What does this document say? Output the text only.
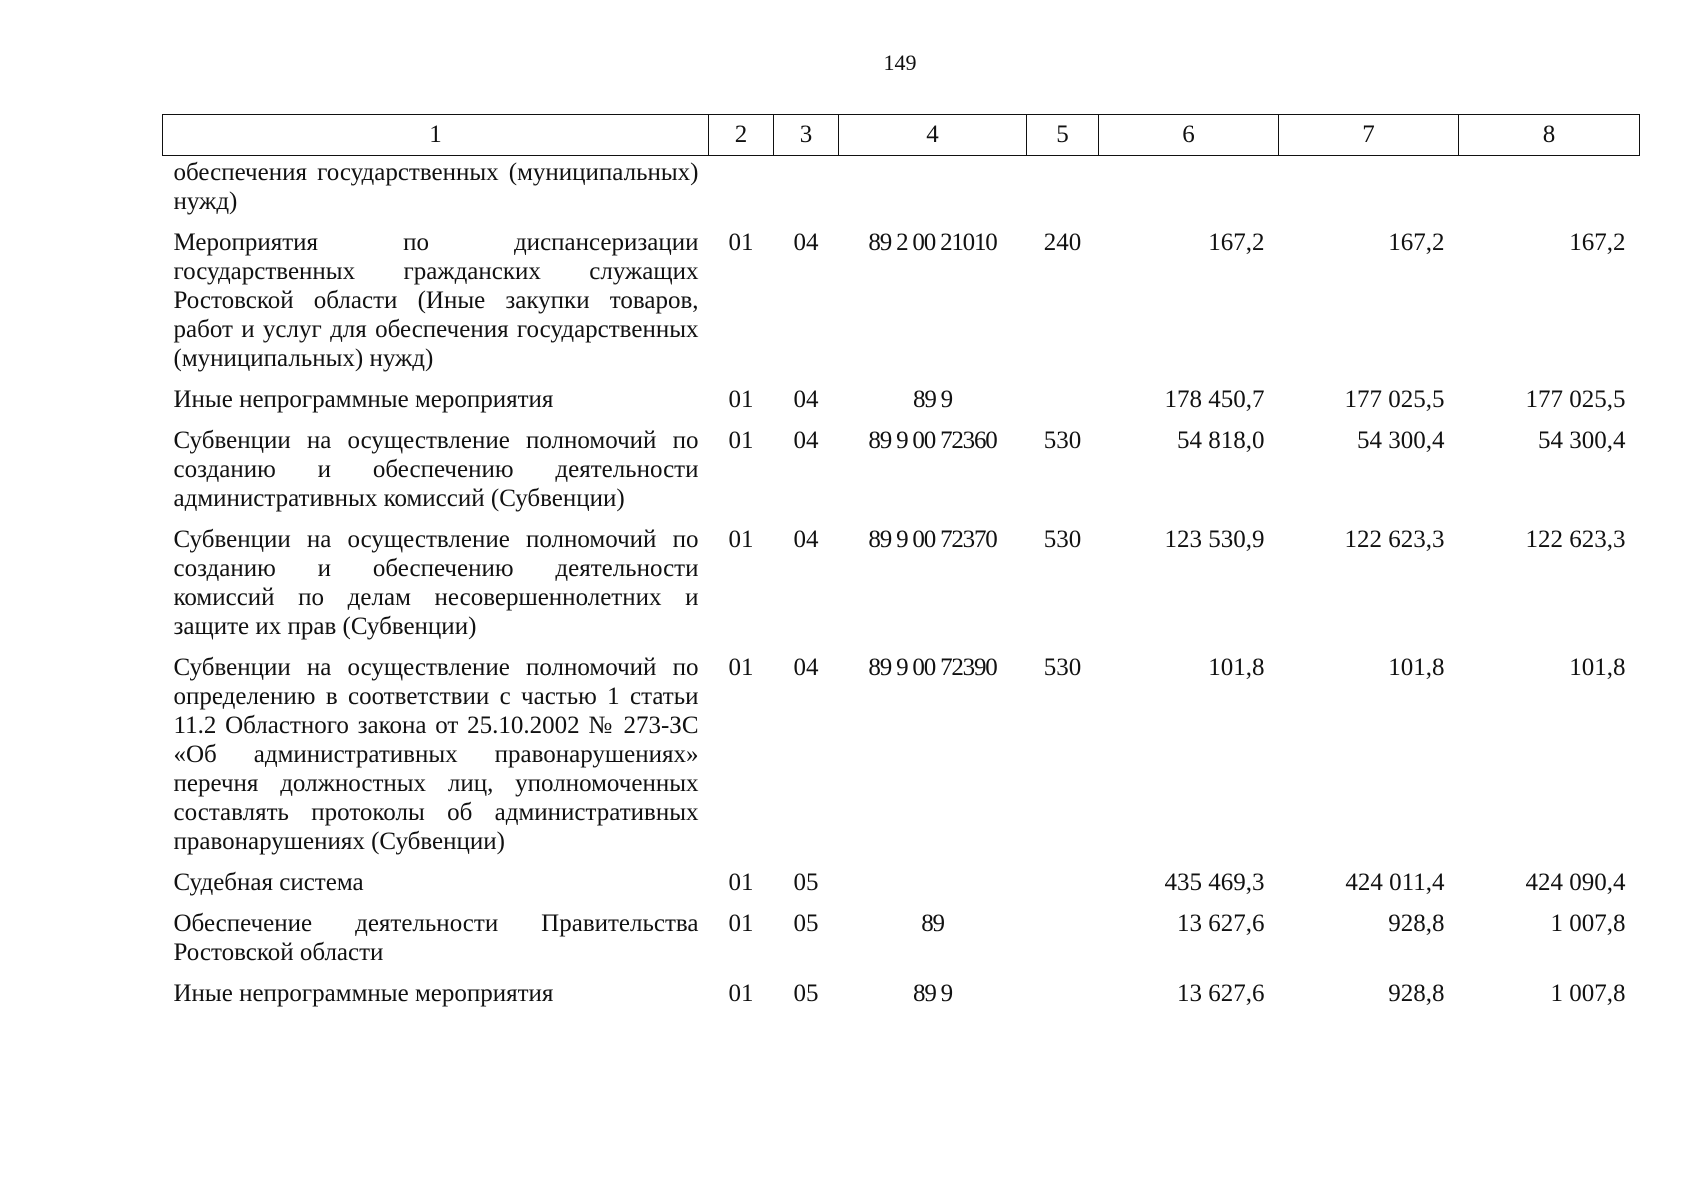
149
1	2	3	4	5	6	7	8
обеспечения государственных (муниципальных) нужд)							
Мероприятия по диспансеризации государственных гражданских служащих Ростовской области (Иные закупки товаров, работ и услуг для обеспечения государственных (муниципальных) нужд)	01	04	89 2 00 21010	240	167,2	167,2	167,2
Иные непрограммные мероприятия	01	04	89 9		178 450,7	177 025,5	177 025,5
Субвенции на осуществление полномочий по созданию и обеспечению деятельности административных комиссий (Субвенции)	01	04	89 9 00 72360	530	54 818,0	54 300,4	54 300,4
Субвенции на осуществление полномочий по созданию и обеспечению деятельности комиссий по делам несовершеннолетних и защите их прав (Субвенции)	01	04	89 9 00 72370	530	123 530,9	122 623,3	122 623,3
Субвенции на осуществление полномочий по определению в соответствии с частью 1 статьи 11.2 Областного закона от 25.10.2002 № 273-ЗС «Об административных правонарушениях» перечня должностных лиц, уполномоченных составлять протоколы об административных правонарушениях (Субвенции)	01	04	89 9 00 72390	530	101,8	101,8	101,8
Судебная система	01	05			435 469,3	424 011,4	424 090,4
Обеспечение деятельности Правительства Ростовской области	01	05	89		13 627,6	928,8	1 007,8
Иные непрограммные мероприятия	01	05	89 9		13 627,6	928,8	1 007,8
